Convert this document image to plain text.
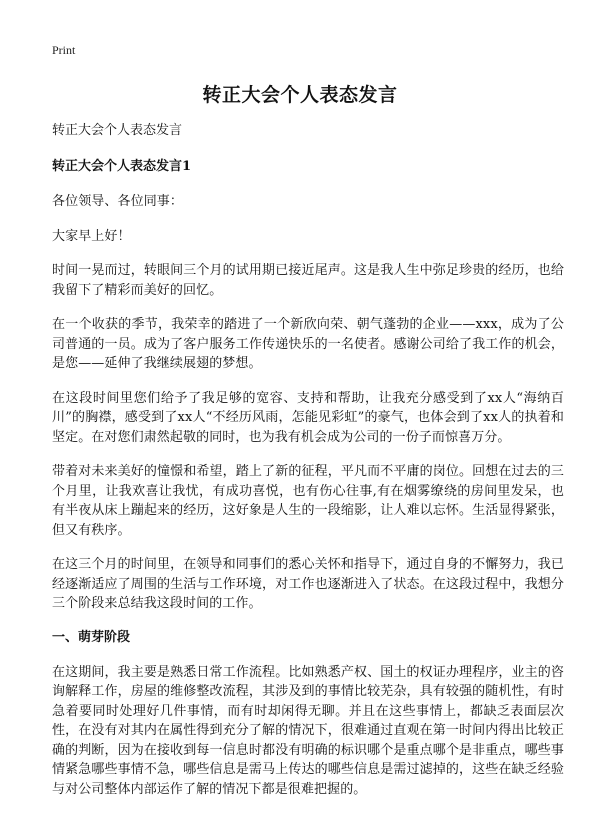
Print
转正大会个人表态发言
转正大会个人表态发言
转正大会个人表态发言1
各位领导、各位同事：
大家早上好！
时间一晃而过，转眼间三个月的试用期已接近尾声。这是我人生中弥足珍贵的经历，也给我留下了精彩而美好的回忆。
在一个收获的季节，我荣幸的踏进了一个新欣向荣、朝气蓬勃的企业——xxx，成为了公司普通的一员。成为了客户服务工作传递快乐的一名使者。感谢公司给了我工作的机会，是您——延伸了我继续展翅的梦想。
在这段时间里您们给予了我足够的宽容、支持和帮助，让我充分感受到了xx人“海纳百川”的胸襟，感受到了xx人“不经历风雨，怎能见彩虹”的豪气，也体会到了xx人的执着和坚定。在对您们肃然起敬的同时，也为我有机会成为公司的一份子而惊喜万分。
带着对未来美好的憧憬和希望，踏上了新的征程，平凡而不平庸的岗位。回想在过去的三个月里，让我欢喜让我忧，有成功喜悦，也有伤心往事,有在烟雾缭绕的房间里发呆，也有半夜从床上蹦起来的经历，这好象是人生的一段缩影，让人难以忘怀。生活显得紧张，但又有秩序。
在这三个月的时间里，在领导和同事们的悉心关怀和指导下，通过自身的不懈努力，我已经逐渐适应了周围的生活与工作环境，对工作也逐渐进入了状态。在这段过程中，我想分三个阶段来总结我这段时间的工作。
一、萌芽阶段
在这期间，我主要是熟悉日常工作流程。比如熟悉产权、国土的权证办理程序，业主的咨询解释工作，房屋的维修整改流程，其涉及到的事情比较芜杂，具有较强的随机性，有时急着要同时处理好几件事情，而有时却闲得无聊。并且在这些事情上，都缺乏表面层次性，在没有对其内在属性得到充分了解的情况下，很难通过直观在第一时间内得出比较正确的判断，因为在接收到每一信息时都没有明确的标识哪个是重点哪个是非重点，哪些事情紧急哪些事情不急，哪些信息是需马上传达的哪些信息是需过滤掉的，这些在缺乏经验与对公司整体内部运作了解的情况下都是很难把握的。
